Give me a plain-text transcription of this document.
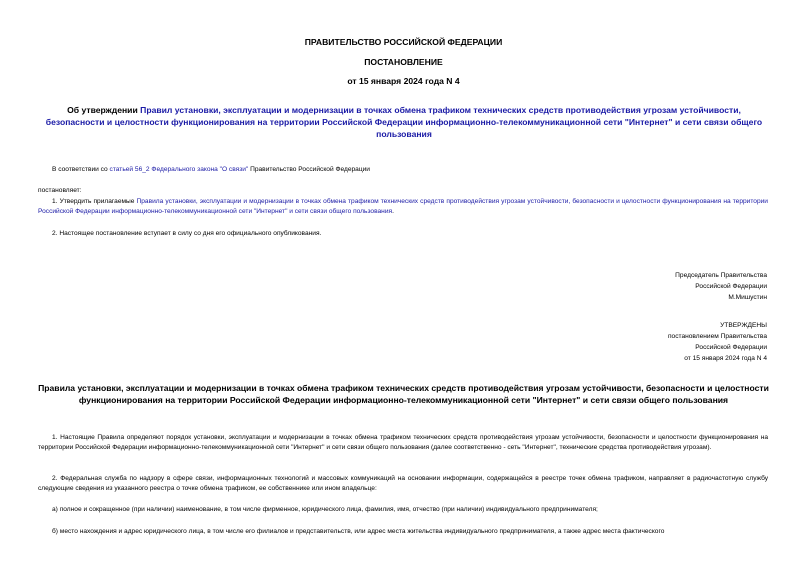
ПРАВИТЕЛЬСТВО РОССИЙСКОЙ ФЕДЕРАЦИИ
ПОСТАНОВЛЕНИЕ
от 15 января 2024 года N 4
Об утверждении Правил установки, эксплуатации и модернизации в точках обмена трафиком технических средств противодействия угрозам устойчивости, безопасности и целостности функционирования на территории Российской Федерации информационно-телекоммуникационной сети "Интернет" и сети связи общего пользования
В соответствии со статьей 56_2 Федерального закона "О связи" Правительство Российской Федерации
постановляет:
1. Утвердить прилагаемые Правила установки, эксплуатации и модернизации в точках обмена трафиком технических средств противодействия угрозам устойчивости, безопасности и целостности функционирования на территории Российской Федерации информационно-телекоммуникационной сети "Интернет" и сети связи общего пользования.
2. Настоящее постановление вступает в силу со дня его официального опубликования.
Председатель Правительства
Российской Федерации
М.Мишустин
УТВЕРЖДЕНЫ
постановлением Правительства
Российской Федерации
от 15 января 2024 года N 4
Правила установки, эксплуатации и модернизации в точках обмена трафиком технических средств противодействия угрозам устойчивости, безопасности и целостности функционирования на территории Российской Федерации информационно-телекоммуникационной сети "Интернет" и сети связи общего пользования
1. Настоящие Правила определяют порядок установки, эксплуатации и модернизации в точках обмена трафиком технических средств противодействия угрозам устойчивости, безопасности и целостности функционирования на территории Российской Федерации информационно-телекоммуникационной сети "Интернет" и сети связи общего пользования (далее соответственно - сеть "Интернет", технические средства противодействия угрозам).
2. Федеральная служба по надзору в сфере связи, информационных технологий и массовых коммуникаций на основании информации, содержащейся в реестре точек обмена трафиком, направляет в радиочастотную службу следующие сведения из указанного реестра о точке обмена трафиком, ее собственнике или ином владельце:
а) полное и сокращенное (при наличии) наименование, в том числе фирменное, юридического лица, фамилия, имя, отчество (при наличии) индивидуального предпринимателя;
б) место нахождения и адрес юридического лица, в том числе его филиалов и представительств, или адрес места жительства индивидуального предпринимателя, а также адрес места фактического
